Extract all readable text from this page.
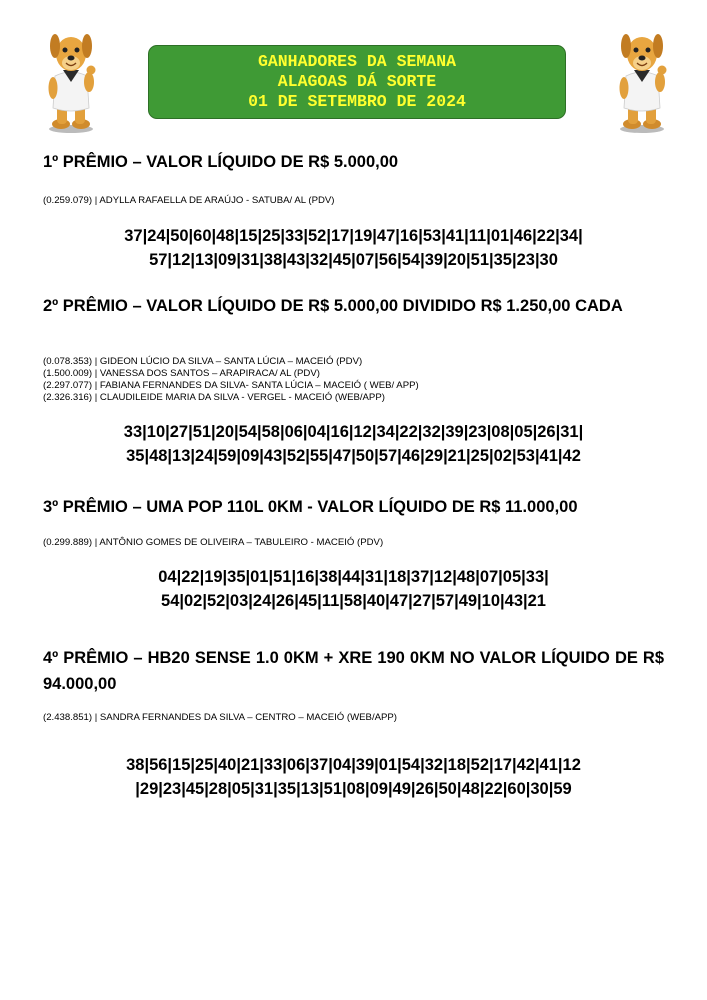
GANHADORES DA SEMANA
ALAGOAS DÁ SORTE
01 DE SETEMBRO DE 2024
1º PRÊMIO – VALOR LÍQUIDO DE R$ 5.000,00
(0.259.079) | ADYLLA RAFAELLA DE ARAÚJO - SATUBA/ AL (PDV)
37|24|50|60|48|15|25|33|52|17|19|47|16|53|41|11|01|46|22|34|
57|12|13|09|31|38|43|32|45|07|56|54|39|20|51|35|23|30
2º PRÊMIO – VALOR LÍQUIDO DE R$ 5.000,00 DIVIDIDO R$ 1.250,00 CADA
(0.078.353) | GIDEON LÚCIO DA SILVA – SANTA LÚCIA – MACEIÓ (PDV)
(1.500.009) | VANESSA DOS SANTOS – ARAPIRACA/ AL (PDV)
(2.297.077) | FABIANA FERNANDES DA SILVA- SANTA LÚCIA – MACEIÓ ( WEB/ APP)
(2.326.316) | CLAUDILEIDE MARIA DA SILVA - VERGEL - MACEIÓ (WEB/APP)
33|10|27|51|20|54|58|06|04|16|12|34|22|32|39|23|08|05|26|31|
35|48|13|24|59|09|43|52|55|47|50|57|46|29|21|25|02|53|41|42
3º PRÊMIO – UMA POP 110L 0KM - VALOR LÍQUIDO DE R$ 11.000,00
(0.299.889) | ANTÔNIO GOMES DE OLIVEIRA – TABULEIRO - MACEIÓ (PDV)
04|22|19|35|01|51|16|38|44|31|18|37|12|48|07|05|33|
54|02|52|03|24|26|45|11|58|40|47|27|57|49|10|43|21
4º PRÊMIO – HB20 SENSE 1.0 0KM + XRE 190 0KM NO VALOR LÍQUIDO DE R$ 94.000,00
(2.438.851) | SANDRA FERNANDES DA SILVA – CENTRO – MACEIÓ (WEB/APP)
38|56|15|25|40|21|33|06|37|04|39|01|54|32|18|52|17|42|41|12
|29|23|45|28|05|31|35|13|51|08|09|49|26|50|48|22|60|30|59
